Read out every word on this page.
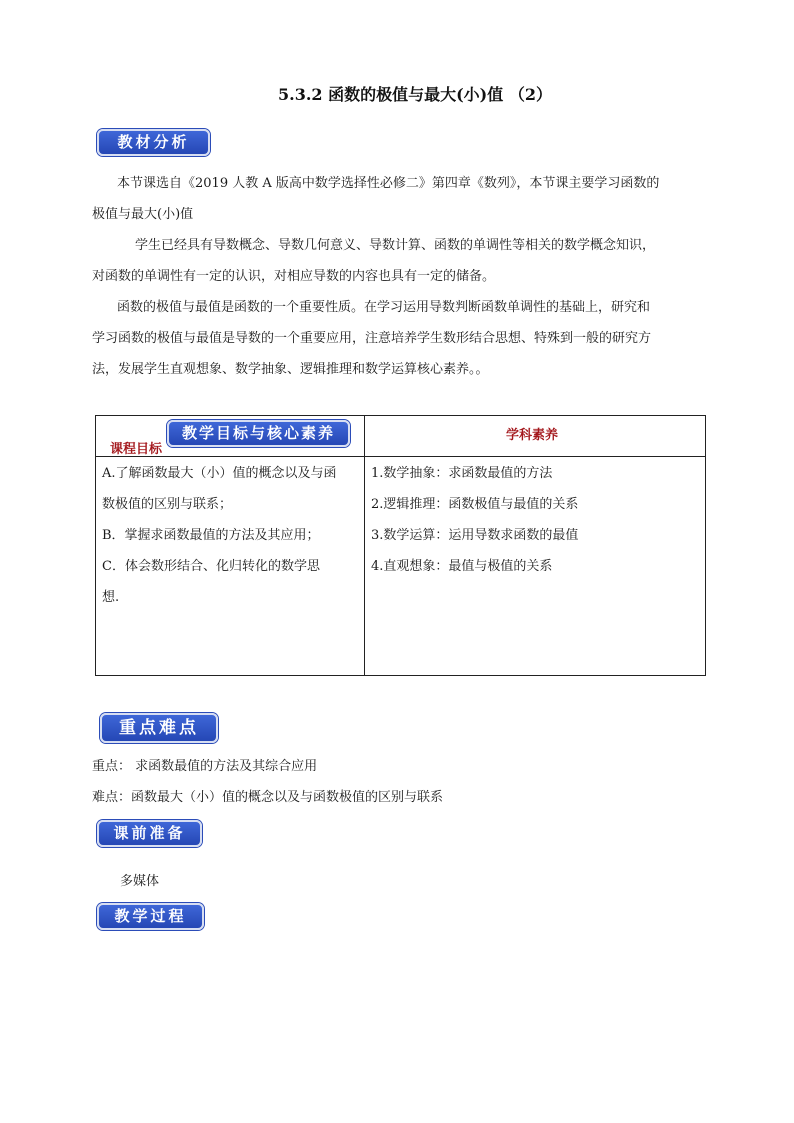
5.3.2 函数的极值与最大(小)值 （2）
教材分析
本节课选自《2019 人教 A 版高中数学选择性必修二》第四章《数列》，本节课主要学习函数的
极值与最大(小)值
学生已经具有导数概念、导数几何意义、导数计算、函数的单调性等相关的数学概念知识，
对函数的单调性有一定的认识，对相应导数的内容也具有一定的储备。
函数的极值与最值是函数的一个重要性质。在学习运用导数判断函数单调性的基础上，研究和
学习函数的极值与最值是导数的一个重要应用，注意培养学生数形结合思想、特殊到一般的研究方
法，发展学生直观想象、数学抽象、逻辑推理和数学运算核心素养。。
教学目标与核心素养
课程目标
学科素养
A.了解函数最大（小）值的概念以及与函
数极值的区别与联系；
B．掌握求函数最值的方法及其应用；
C．体会数形结合、化归转化的数学思
想.
1.数学抽象：求函数最值的方法
2.逻辑推理：函数极值与最值的关系
3.数学运算：运用导数求函数的最值
4.直观想象：最值与极值的关系
重点难点
重点： 求函数最值的方法及其综合应用
难点：函数最大（小）值的概念以及与函数极值的区别与联系
课前准备
多媒体
教学过程
